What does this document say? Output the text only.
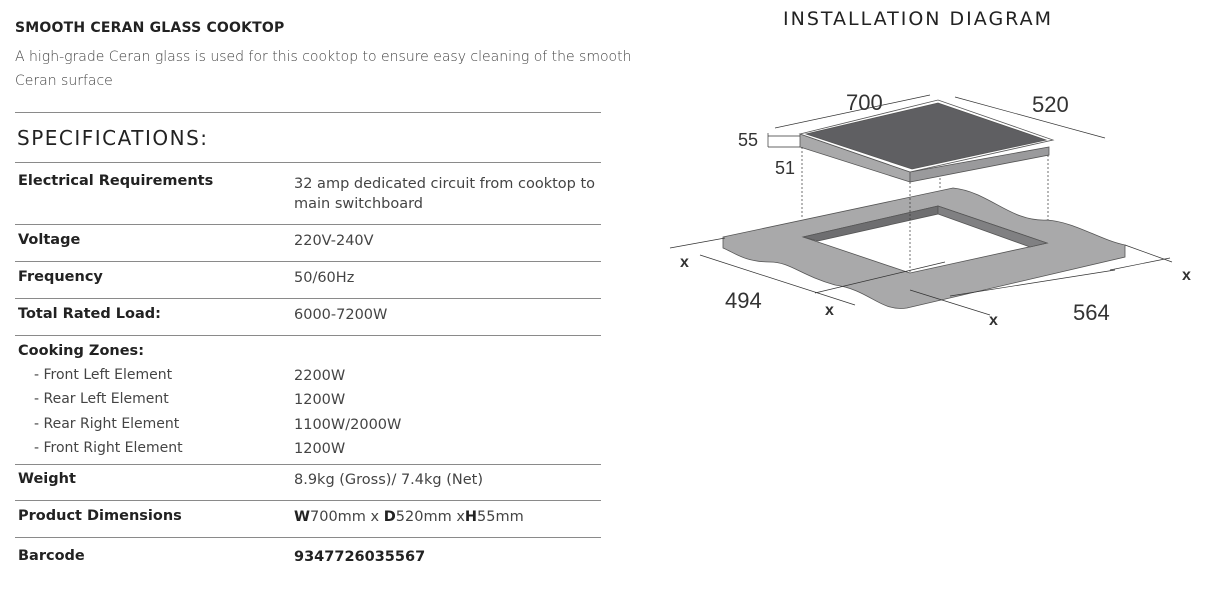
SMOOTH CERAN GLASS COOKTOP
A high-grade Ceran glass is used for this cooktop to ensure easy cleaning of the smooth Ceran surface
SPECIFICATIONS:
Electrical Requirements	32 amp dedicated circuit from cooktop to main switchboard
Voltage	220V-240V
Frequency	50/60Hz
Total Rated Load:	6000-7200W
Cooking Zones:
- Front Left Element	2200W
- Rear Left Element	1200W
- Rear Right Element	1100W/2000W
- Front Right Element	1200W
Weight	8.9kg (Gross)/ 7.4kg (Net)
Product Dimensions	W700mm x D520mm xH55mm
Barcode	9347726035567
INSTALLATION DIAGRAM
700	520
55
51
494	564
x
x
x
x
